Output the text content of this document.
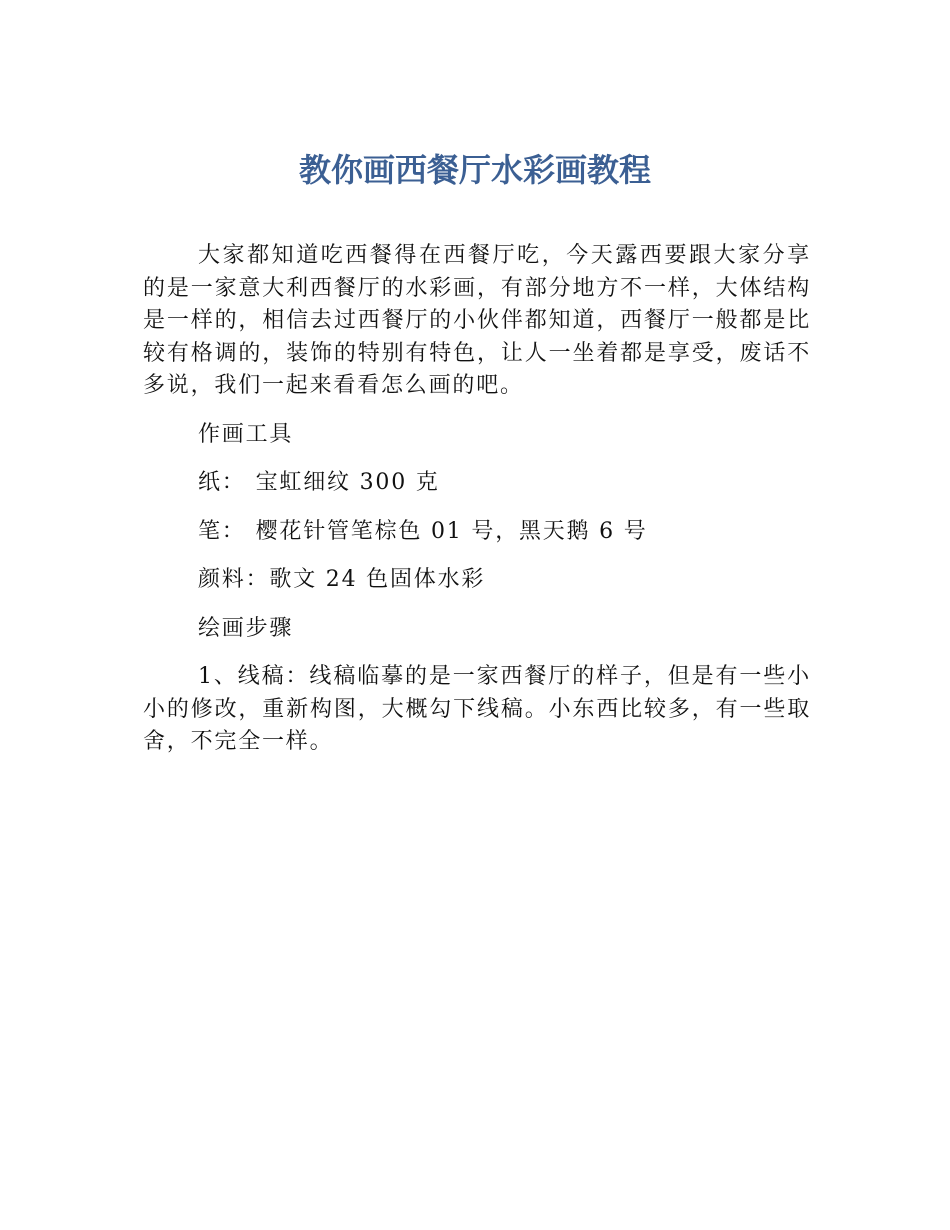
教你画西餐厅水彩画教程

大家都知道吃西餐得在西餐厅吃，今天露西要跟大家分享的是一家意大利西餐厅的水彩画，有部分地方不一样，大体结构是一样的，相信去过西餐厅的小伙伴都知道，西餐厅一般都是比较有格调的，装饰的特别有特色，让人一坐着都是享受，废话不多说，我们一起来看看怎么画的吧。

作画工具

纸： 宝虹细纹 300 克

笔： 樱花针管笔棕色 01 号，黑天鹅 6 号

颜料：歌文 24 色固体水彩

绘画步骤

1、线稿：线稿临摹的是一家西餐厅的样子，但是有一些小小的修改，重新构图，大概勾下线稿。小东西比较多，有一些取舍，不完全一样。
